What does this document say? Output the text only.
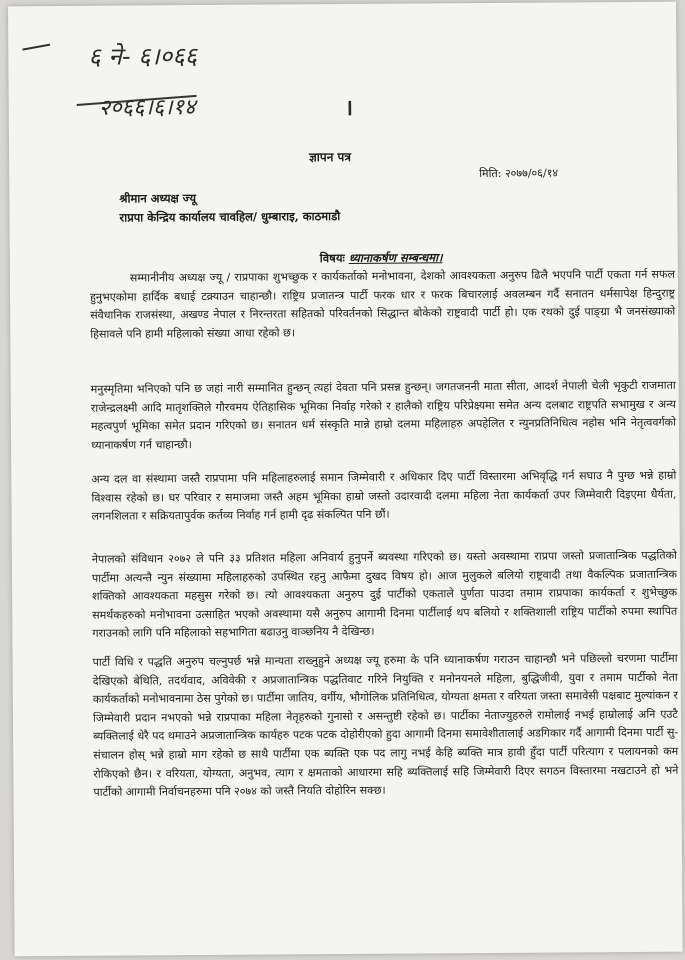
६ ने- ६।०६६
२०६६।६।१४	।
ज्ञापन पत्र
मिति: २०७७/०६/१४
श्रीमान अध्यक्ष ज्यू
राप्रपा केन्द्रिय कार्यालय चावहिल/ धुम्बाराइ, काठमाडौ
विषयः ध्यानाकर्षण सम्बन्धमा।
सम्मानीनीय अध्यक्ष ज्यू / राप्रपाका शुभच्छुक र कार्यकर्ताको मनोभावना, देशको आवश्यकता अनुरुप ढिलै भएपनि पार्टी एकता गर्न सफल हुनुभएकोमा हार्दिक बधाई टक्र्याउन चाहान्छौ। राष्ट्रिय प्रजातन्त्र पार्टी फरक धार र फरक बिचारलाई अवलम्बन गर्दै सनातन धर्मसापेक्ष हिन्दुराष्ट्र संवैधानिक राजसंस्था, अखण्ड नेपाल र निरन्तरता सहितको परिवर्तनको सिद्धान्त बोकेको राष्ट्रवादी पार्टी हो। एक रथको दुई पाङ्ग्रा भै जनसंख्याको हिसावले पनि हामी महिलाको संख्या आधा रहेको छ।
मनुस्मृतिमा भनिएको पनि छ जहां नारी सम्मानित हुन्छन् त्यहां देवता पनि प्रसन्न हुन्छन्। जगतजननी माता सीता, आदर्श नेपाली चेली भृकुटी राजमाता राजेन्द्रलक्ष्मी आदि मातृशक्तिले गौरवमय ऐतिहासिक भूमिका निर्वाह गरेको र हालैको राष्ट्रिय परिप्रेक्ष्यमा समेत अन्य दलबाट राष्ट्रपति सभामुख र अन्य महत्वपुर्ण भूमिका समेत प्रदान गरिएको छ। सनातन धर्म संस्कृति मान्ने हाम्रो दलमा महिलाहरु अपहेलित र न्युनप्रतिनिधित्व नहोस भनि नेतृत्ववर्गको ध्यानाकर्षण गर्न चाहान्छौ।
अन्य दल वा संस्थामा जस्तै राप्रपामा पनि महिलाहरुलाई समान जिम्मेवारी र अधिकार दिए पार्टी विस्तारमा अभिवृद्धि गर्न सघाउ नै पुग्छ भन्ने हाम्रो विश्वास रहेको छ। घर परिवार र समाजमा जस्तै अहम भूमिका हाम्रो जस्तो उदारवादी दलमा महिला नेता कार्यकर्ता उपर जिम्मेवारी दिइएमा धैर्यता, लगनशिलता र सक्रियतापुर्वक कर्तव्य निर्वाह गर्न हामी दृढ संकल्पित पनि छौं।
नेपालको संविधान २०७२ ले पनि ३३ प्रतिशत महिला अनिवार्य हुनुपर्ने ब्यवस्था गरिएको छ। यस्तो अवस्थामा राप्रपा जस्तो प्रजातान्त्रिक पद्धतिको पार्टीमा अत्यन्तै न्युन संख्यामा महिलाहरुको उपस्थित रहनु आफैमा दुखद विषय हो। आज मुलुकले बलियो राष्ट्रवादी तथा वैकल्पिक प्रजातान्त्रिक शक्तिको आवश्यकता महसुस गरेको छ। त्यो आवश्यकता अनुरुप दुई पार्टीको एकताले पुर्णता पाउदा तमाम राप्रपाका कार्यकर्ता र शुभेच्छुक समर्थकहरुको मनोभावना उत्साहित भएको अवस्थामा यसै अनुरुप आगामी दिनमा पार्टीलाई थप बलियो र शक्तिशाली राष्ट्रिय पार्टीको रुपमा स्थापित गराउनको लागि पनि महिलाको सहभागिता बढाउनु वाञ्छनिय नै देखिन्छ।
पार्टी विधि र पद्धति अनुरुप चल्नुपर्छ भन्ने मान्यता राख्नुहुने अध्यक्ष ज्यू हरुमा के पनि ध्यानाकर्षण गराउन चाहान्छौ भने पछिल्लो चरणमा पार्टीमा देखिएको बेथिति, तदर्थवाद, अविवेकी र अप्रजातान्त्रिक पद्धतिवाट गरिने नियुक्ति र मनोनयनले महिला, बुद्धिजीवी, युवा र तमाम पार्टीको नेता कार्यकर्ताको मनोभावनामा ठेस पुगेको छ। पार्टीमा जातिय, वर्गीय, भौगोलिक प्रतिनिधित्व, योग्यता क्षमता र वरियता जस्ता समावेसी पक्षबाट मुल्यांकन र जिम्मेवारी प्रदान नभएको भन्ने राप्रपाका महिला नेतृहरुको गुनासो र असन्तुष्टी रहेको छ। पार्टीका नेताज्युहरुले रामोलाई नभई हाम्रोलाई अनि एउटै ब्यक्तिलाई धेरै पद थमाउने अप्रजातान्त्रिक कार्यहरु पटक पटक दोहोरीएको हुदा आगामी दिनमा समावेशीतालाई अडगिकार गर्दै आगामी दिनमा पार्टी सु-संचालन होस् भन्ने हाम्रो माग रहेको छ साथै पार्टीमा एक ब्यक्ति एक पद लागु नभई केहि ब्यक्ति मात्र हावी हुँदा पार्टी परित्याग र पलायनको कम रोकिएको छैन। र वरियता, योग्यता, अनुभव, त्याग र क्षमताको आधारमा सहि ब्यक्तिलाई सहि जिम्मेवारी दिएर सगठन विस्तारमा नखटाउने हो भने पार्टीको आगामी निर्वाचनहरुमा पनि २०७४ को जस्तै नियति दोहोरिन सक्छ।
